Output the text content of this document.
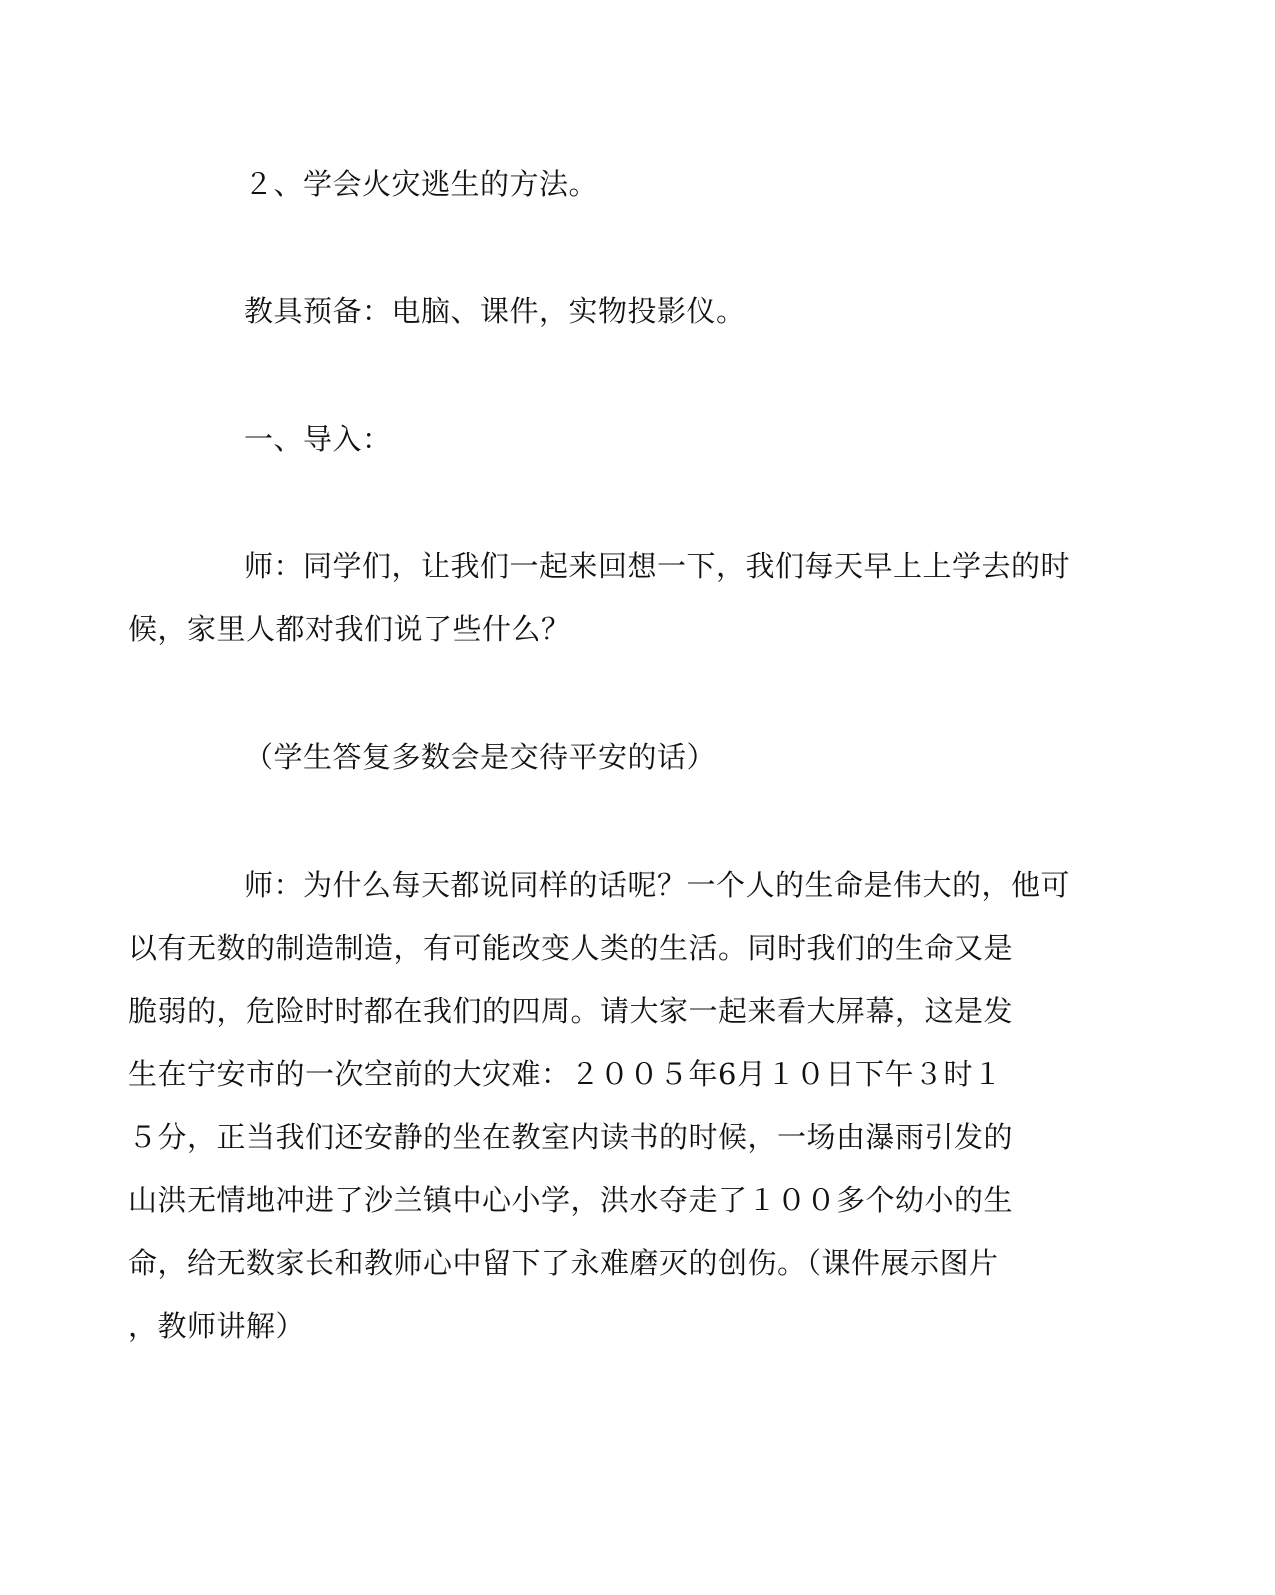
２、学会火灾逃生的方法。

教具预备：电脑、课件，实物投影仪。

一、导入：

师：同学们，让我们一起来回想一下，我们每天早上上学去的时
候，家里人都对我们说了些什么？

（学生答复多数会是交待平安的话）

师：为什么每天都说同样的话呢？一个人的生命是伟大的，他可
以有无数的制造制造，有可能改变人类的生活。同时我们的生命又是
脆弱的，危险时时都在我们的四周。请大家一起来看大屏幕，这是发
生在宁安市的一次空前的大灾难：２００５年6月１０日下午３时１
５分，正当我们还安静的坐在教室内读书的时候，一场由瀑雨引发的
山洪无情地冲进了沙兰镇中心小学，洪水夺走了１００多个幼小的生
命，给无数家长和教师心中留下了永难磨灭的创伤。（课件展示图片
，教师讲解）
